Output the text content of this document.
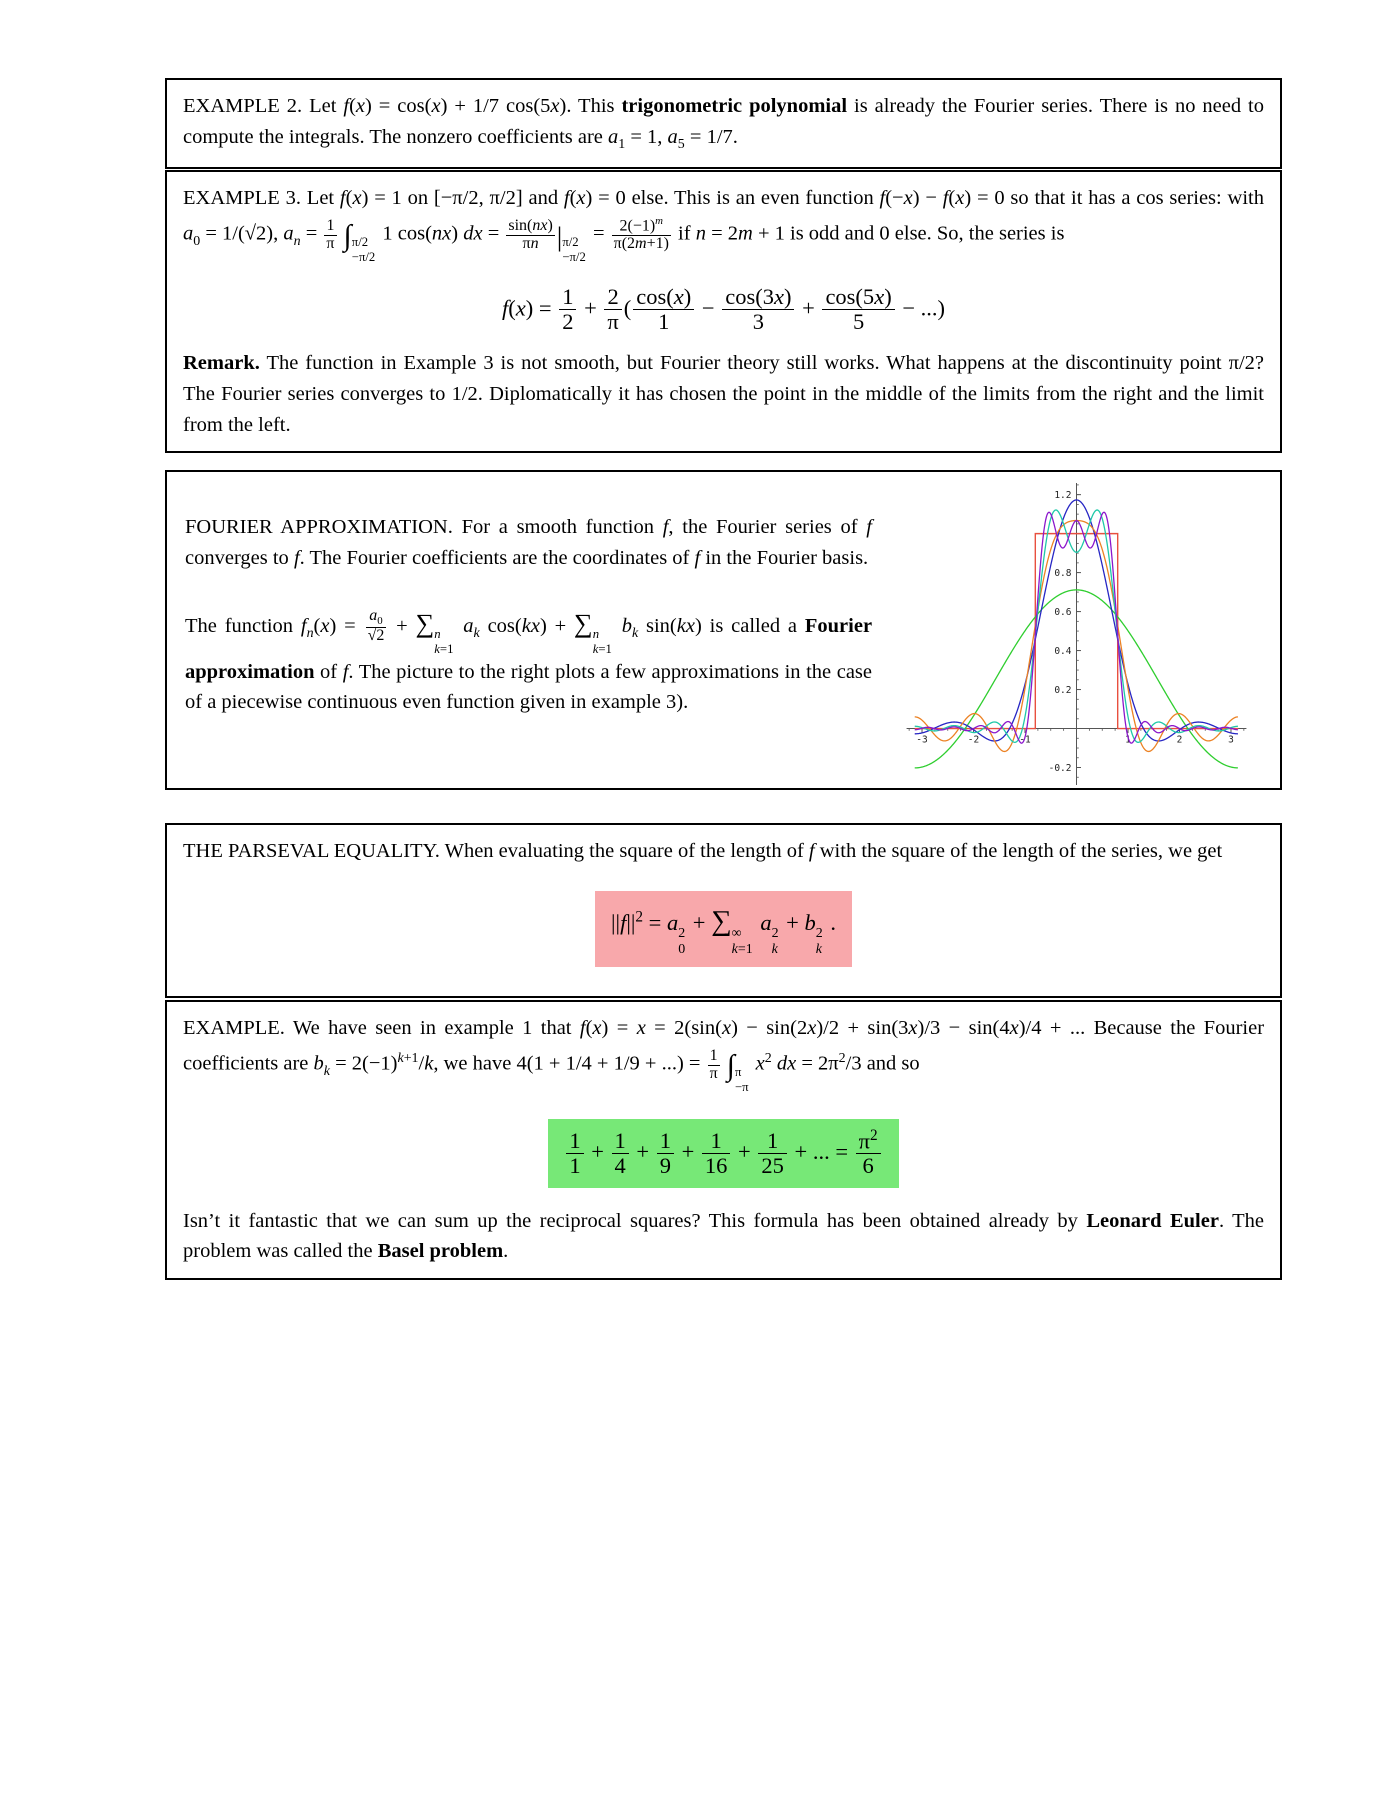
EXAMPLE 2. Let f(x) = cos(x) + 1/7 cos(5x). This trigonometric polynomial is already the Fourier series. There is no need to compute the integrals. The nonzero coefficients are $a_1 = 1$, $a_5 = 1/7$.

EXAMPLE 3. Let f(x) = 1 on [−π/2, π/2] and f(x) = 0 else. This is an even function f(−x) − f(x) = 0 so that it has a cos series: with $a_0 = 1/(√2)$, $a_n = \frac{1}{\pi}$ ∫ π/2
−π/2
1 cos(nx) dx = $\frac{\sin(nx)}{\pi n}$ | π/2
−π/2
= $\frac{2(-1)^m}{\pi(2m+1)}$ if n = 2m + 1 is odd and 0 else. So, the series is

$f(x) = \frac{1}{2} + \frac{2}{\pi}$ ( $\frac{\cos(x)}{1} - \frac{\cos(3x)}{3} + \frac{\cos(5x)}{5}$ − ...)

Remark. The function in Example 3 is not smooth, but Fourier theory still works. What happens at the discontinuity point π/2? The Fourier series converges to 1/2. Diplomatically it has chosen the point in the middle of the limits from the right and the limit from the left.

FOURIER APPROXIMATION. For a smooth function f, the Fourier series of f converges to f. The Fourier coefficients are the coordinates of f in the Fourier basis.

The function $f_n(x) = \frac{a_0}{√2}$ + ∑ n
k=1
$a_k$ cos(kx) + ∑ n
k=1
$b_k$ sin(kx) is called a Fourier approximation of f. The picture to the right plots a few approximations in the case of a piecewise continuous even function given in example 3).

-3	-2	-1	1	2	3
-0.2
0.2
0.4
0.6
0.8
1.2

THE PARSEVAL EQUALITY. When evaluating the square of the length of f with the square of the length of the series, we get

$||f||^2 = a$ 2
0
+ ∑ ∞
k=1
a 2
k
+ b 2
k
.

EXAMPLE. We have seen in example 1 that f(x) = x = 2(sin(x) − sin(2x)/2 + sin(3x)/3 − sin(4x)/4 + ... Because the Fourier coefficients are $b_k = 2(-1)^{k+1}/k$, we have 4(1 + 1/4 + 1/9 + ...) = $\frac{1}{\pi}$ ∫ π
−π
$x^2$ dx = $2\pi^2/3$ and so

$\frac{1}{1} + \frac{1}{4} + \frac{1}{9} + \frac{1}{16} + \frac{1}{25}$ + ... = $\frac{\pi^2}{6}$

Isn’t it fantastic that we can sum up the reciprocal squares? This formula has been obtained already by Leonard Euler. The problem was called the Basel problem.
